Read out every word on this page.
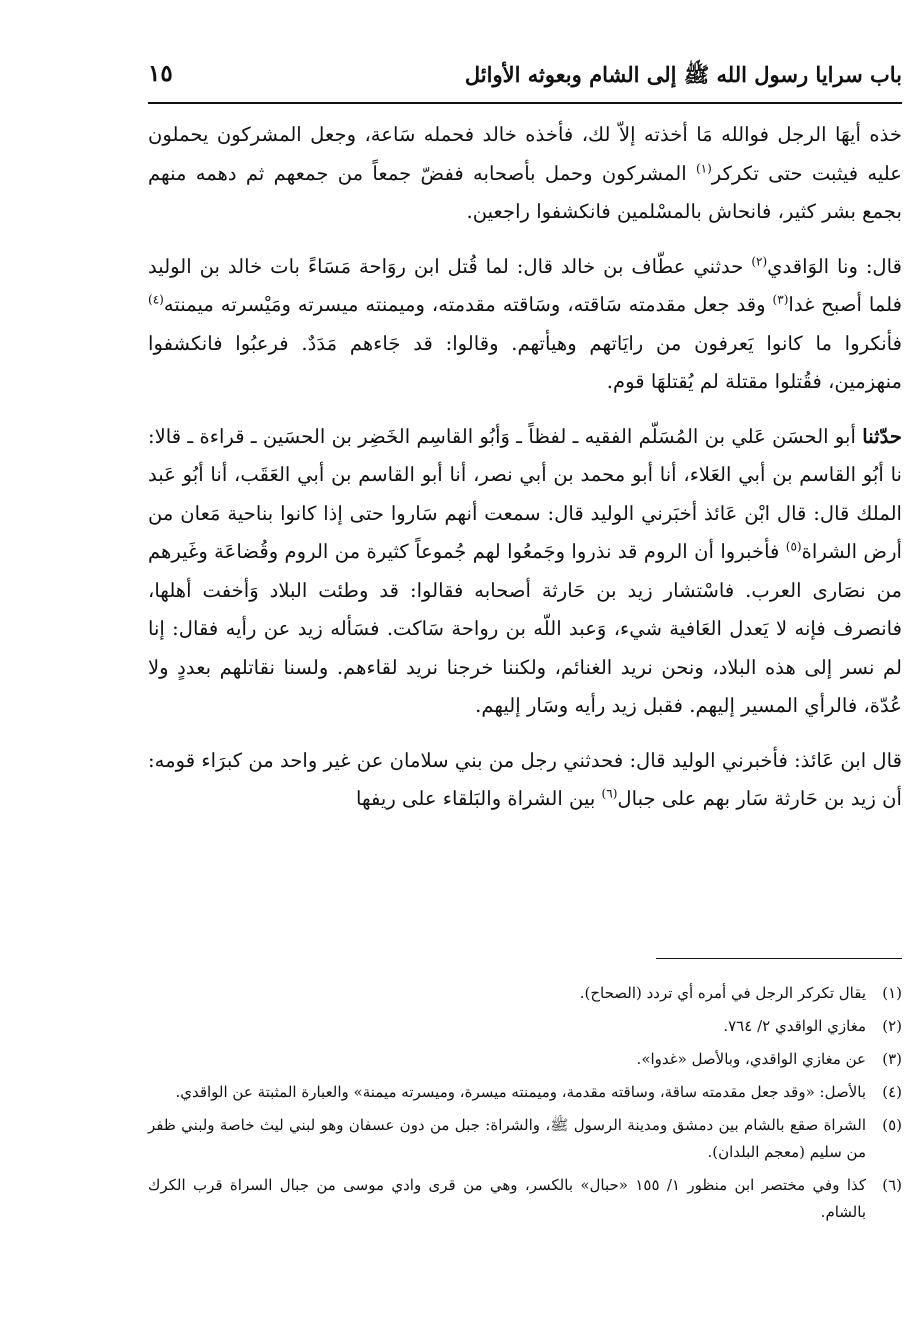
باب سرايا رسول الله ﷺ إلى الشام وبعوثه الأوائل
١٥

خذه أيهَا الرجل فوالله مَا أخذته إلاّ لك، فأخذه خالد فحمله سَاعة، وجعل المشركون يحملون عليه فيثبت حتى تكركر$^{(١)}$ المشركون وحمل بأصحابه ففضّ جمعاً من جمعهم ثم دهمه منهم بجمع بشر كثير، فانحاش بالمسْلمين فانكشفوا راجعين.

قال: ونا الوَاقدي$^{(٢)}$ حدثني عطّاف بن خالد قال: لما قُتل ابن روَاحة مَسَاءً بات خالد بن الوليد فلما أصبح غدا$^{(٣)}$ وقد جعل مقدمته سَاقته، وسَاقته مقدمته، وميمنته ميسرته ومَيْسرته ميمنته$^{(٤)}$ فأنكروا ما كانوا يَعرفون من رايَاتهم وهيأتهم. وقالوا: قد جَاءهم مَدَدٌ. فرعبُوا فانكشفوا منهزمين، فقُتلوا مقتلة لم يُقتلهَا قوم.

حدّثنا أبو الحسَن عَلي بن المُسَلّم الفقيه ـ لفظاً ـ وَأبُو القاسِم الخَضِر بن الحسَين ـ قراءة ـ قالا: نا أبُو القاسم بن أبي العَلاء، أنا أبو محمد بن أبي نصر، أنا أبو القاسم بن أبي العَقَب، أنا أبُو عَبد الملك قال: قال ابْن عَائذ أخبَرني الوليد قال: سمعت أنهم سَاروا حتى إذا كانوا بناحية مَعان من أرض الشراة$^{(٥)}$ فأخبروا أن الروم قد نذروا وجَمعُوا لهم جُموعاً كثيرة من الروم وقُضاعَة وغَيرهم من نصَارى العرب. فاسْتشار زيد بن حَارثة أصحابه فقالوا: قد وطئت البلاد وَأخفت أهلها، فانصرف فإنه لا يَعدل العَافية شيء، وَعبد اللّه بن رواحة سَاكت. فسَأله زيد عن رأيه فقال: إنا لم نسر إلى هذه البلاد، ونحن نريد الغنائم، ولكننا خرجنا نريد لقاءهم. ولسنا نقاتلهم بعددٍ ولا عُدّة، فالرأي المسير إليهم. فقبل زيد رأيه وسَار إليهم.

قال ابن عَائذ: فأخبرني الوليد قال: فحدثني رجل من بني سلامان عن غير واحد من كبرَاء قومه: أن زيد بن حَارثة سَار بهم على جبال$^{(٦)}$ بين الشراة والبَلقاء على ريفها

(١)
يقال تكركر الرجل في أمره أي تردد (الصحاح).
(٢)
مغازي الواقدي ٢/ ٧٦٤.
(٣)
عن مغازي الواقدي، وبالأصل «غدوا».
(٤)
بالأصل: «وقد جعل مقدمته ساقة، وساقته مقدمة، وميمنته ميسرة، وميسرته ميمنة» والعبارة المثبتة عن الواقدي.
(٥)
الشراة صقع بالشام بين دمشق ومدينة الرسول ﷺ، والشراة: جبل من دون عسفان وهو لبني ليث خاصة ولبني ظفر من سليم (معجم البلدان).
(٦)
كذا وفي مختصر ابن منظور ١/ ١٥٥ «حبال» بالكسر، وهي من قرى وادي موسى من جبال السراة قرب الكرك بالشام.
